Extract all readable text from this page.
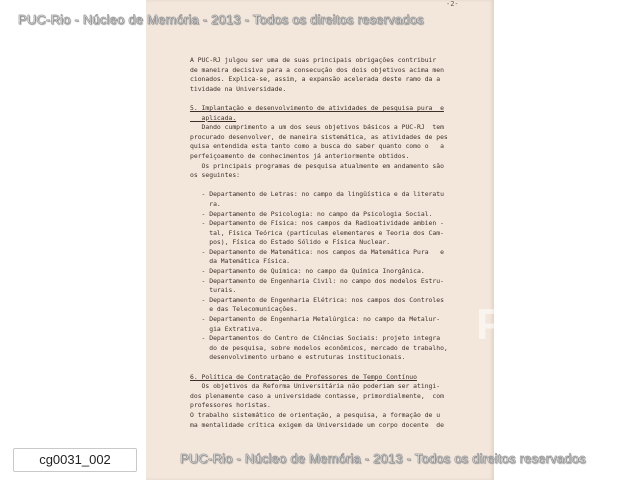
-2-
A PUC-RJ julgou ser uma de suas principais obrigações contribuir
de maneira decisiva para a consecução dos dois objetivos acima men
cionados. Explica-se, assim, a expansão acelerada deste ramo da a
tividade na Universidade.
5. Implantação e desenvolvimento de atividades de pesquisa pura  e
aplicada.
Dando cumprimento a um dos seus objetivos básicos a PUC-RJ  tem
procurado desenvolver, de maneira sistemática, as atividades de pes
quisa entendida esta tanto como a busca do saber quanto como o   a
perfeiçoamento de conhecimentos já anteriormente obtidos.
Os principais programas de pesquisa atualmente em andamento são
os seguintes:
- Departamento de Letras: no campo da lingüística e da literatu
ra.
- Departamento de Psicologia: no campo da Psicologia Social.
- Departamento de Física: nos campos da Radioatividade ambien -
tal, Física Teórica (partículas elementares e Teoria dos Cam-
pos), Física do Estado Sólido e Física Nuclear.
- Departamento de Matemática: nos campos da Matemática Pura   e
da Matemática Física.
- Departamento de Química: no campo da Química Inorgânica.
- Departamento de Engenharia Civil: no campo dos modelos Estru-
turais.
- Departamento de Engenharia Elétrica: nos campos dos Controles
e das Telecomunicações.
- Departamento de Engenharia Metalúrgica: no campo da Metalur-
gia Extrativa.
- Departamentos do Centro de Ciências Sociais: projeto integra
do de pesquisa, sobre modelos econômicos, mercado de trabalho,
desenvolvimento urbano e estruturas institucionais.
6. Política de Contratação de Professores de Tempo Contínuo
Os objetivos da Reforma Universitária não poderiam ser atingi-
dos plenamente caso a universidade contasse, primordialmente,  com
professores horistas.
O trabalho sistemático de orientação, a pesquisa, a formação de u
ma mentalidade crítica exigem da Universidade um corpo docente  de
PUC
PUC-Rio - Núcleo de Memória - 2013 - Todos os direitos reservados
PUC-Rio - Núcleo de Memória - 2013 - Todos os direitos reservados
cg0031_002
